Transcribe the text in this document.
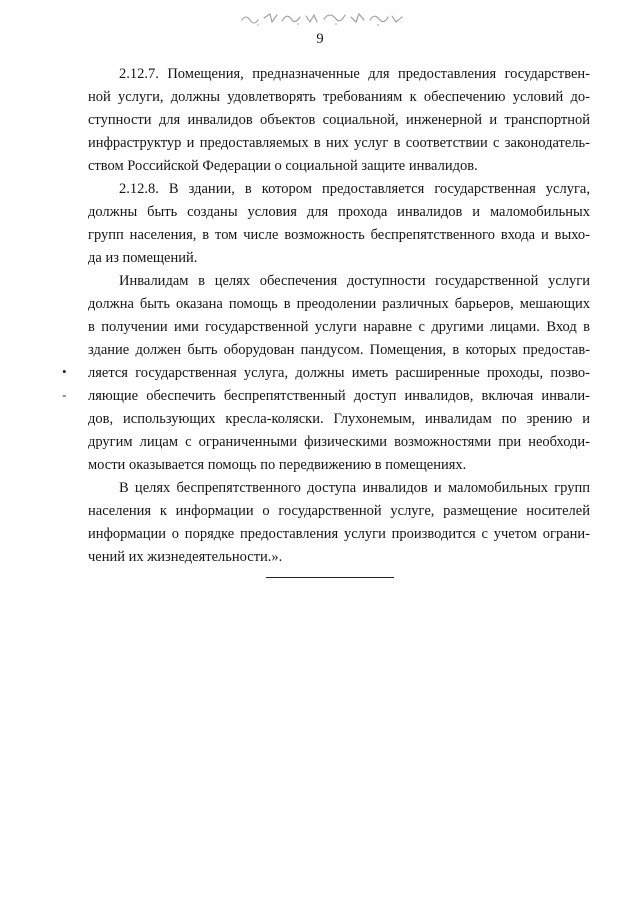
9
2.12.7. Помещения, предназначенные для предоставления государствен-
ной услуги, должны удовлетворять требованиям к обеспечению условий до-
ступности для инвалидов объектов социальной, инженерной и транспортной
инфраструктур и предоставляемых в них услуг в соответствии с законодатель-
ством Российской Федерации о социальной защите инвалидов.
2.12.8. В здании, в котором предоставляется государственная услуга,
должны быть созданы условия для прохода инвалидов и маломобильных
групп населения, в том числе возможность беспрепятственного входа и выхо-
да из помещений.
Инвалидам в целях обеспечения доступности государственной услуги
должна быть оказана помощь в преодолении различных барьеров, мешающих
в получении ими государственной услуги наравне с другими лицами. Вход в
здание должен быть оборудован пандусом. Помещения, в которых предостав-
ляется государственная услуга, должны иметь расширенные проходы, позво-
ляющие обеспечить беспрепятственный доступ инвалидов, включая инвали-
дов, использующих кресла-коляски. Глухонемым, инвалидам по зрению и
другим лицам с ограниченными физическими возможностями при необходи-
мости оказывается помощь по передвижению в помещениях.
•
-
В целях беспрепятственного доступа инвалидов и маломобильных групп
населения к информации о государственной услуге, размещение носителей
информации о порядке предоставления услуги производится с учетом ограни-
чений их жизнедеятельности.».
